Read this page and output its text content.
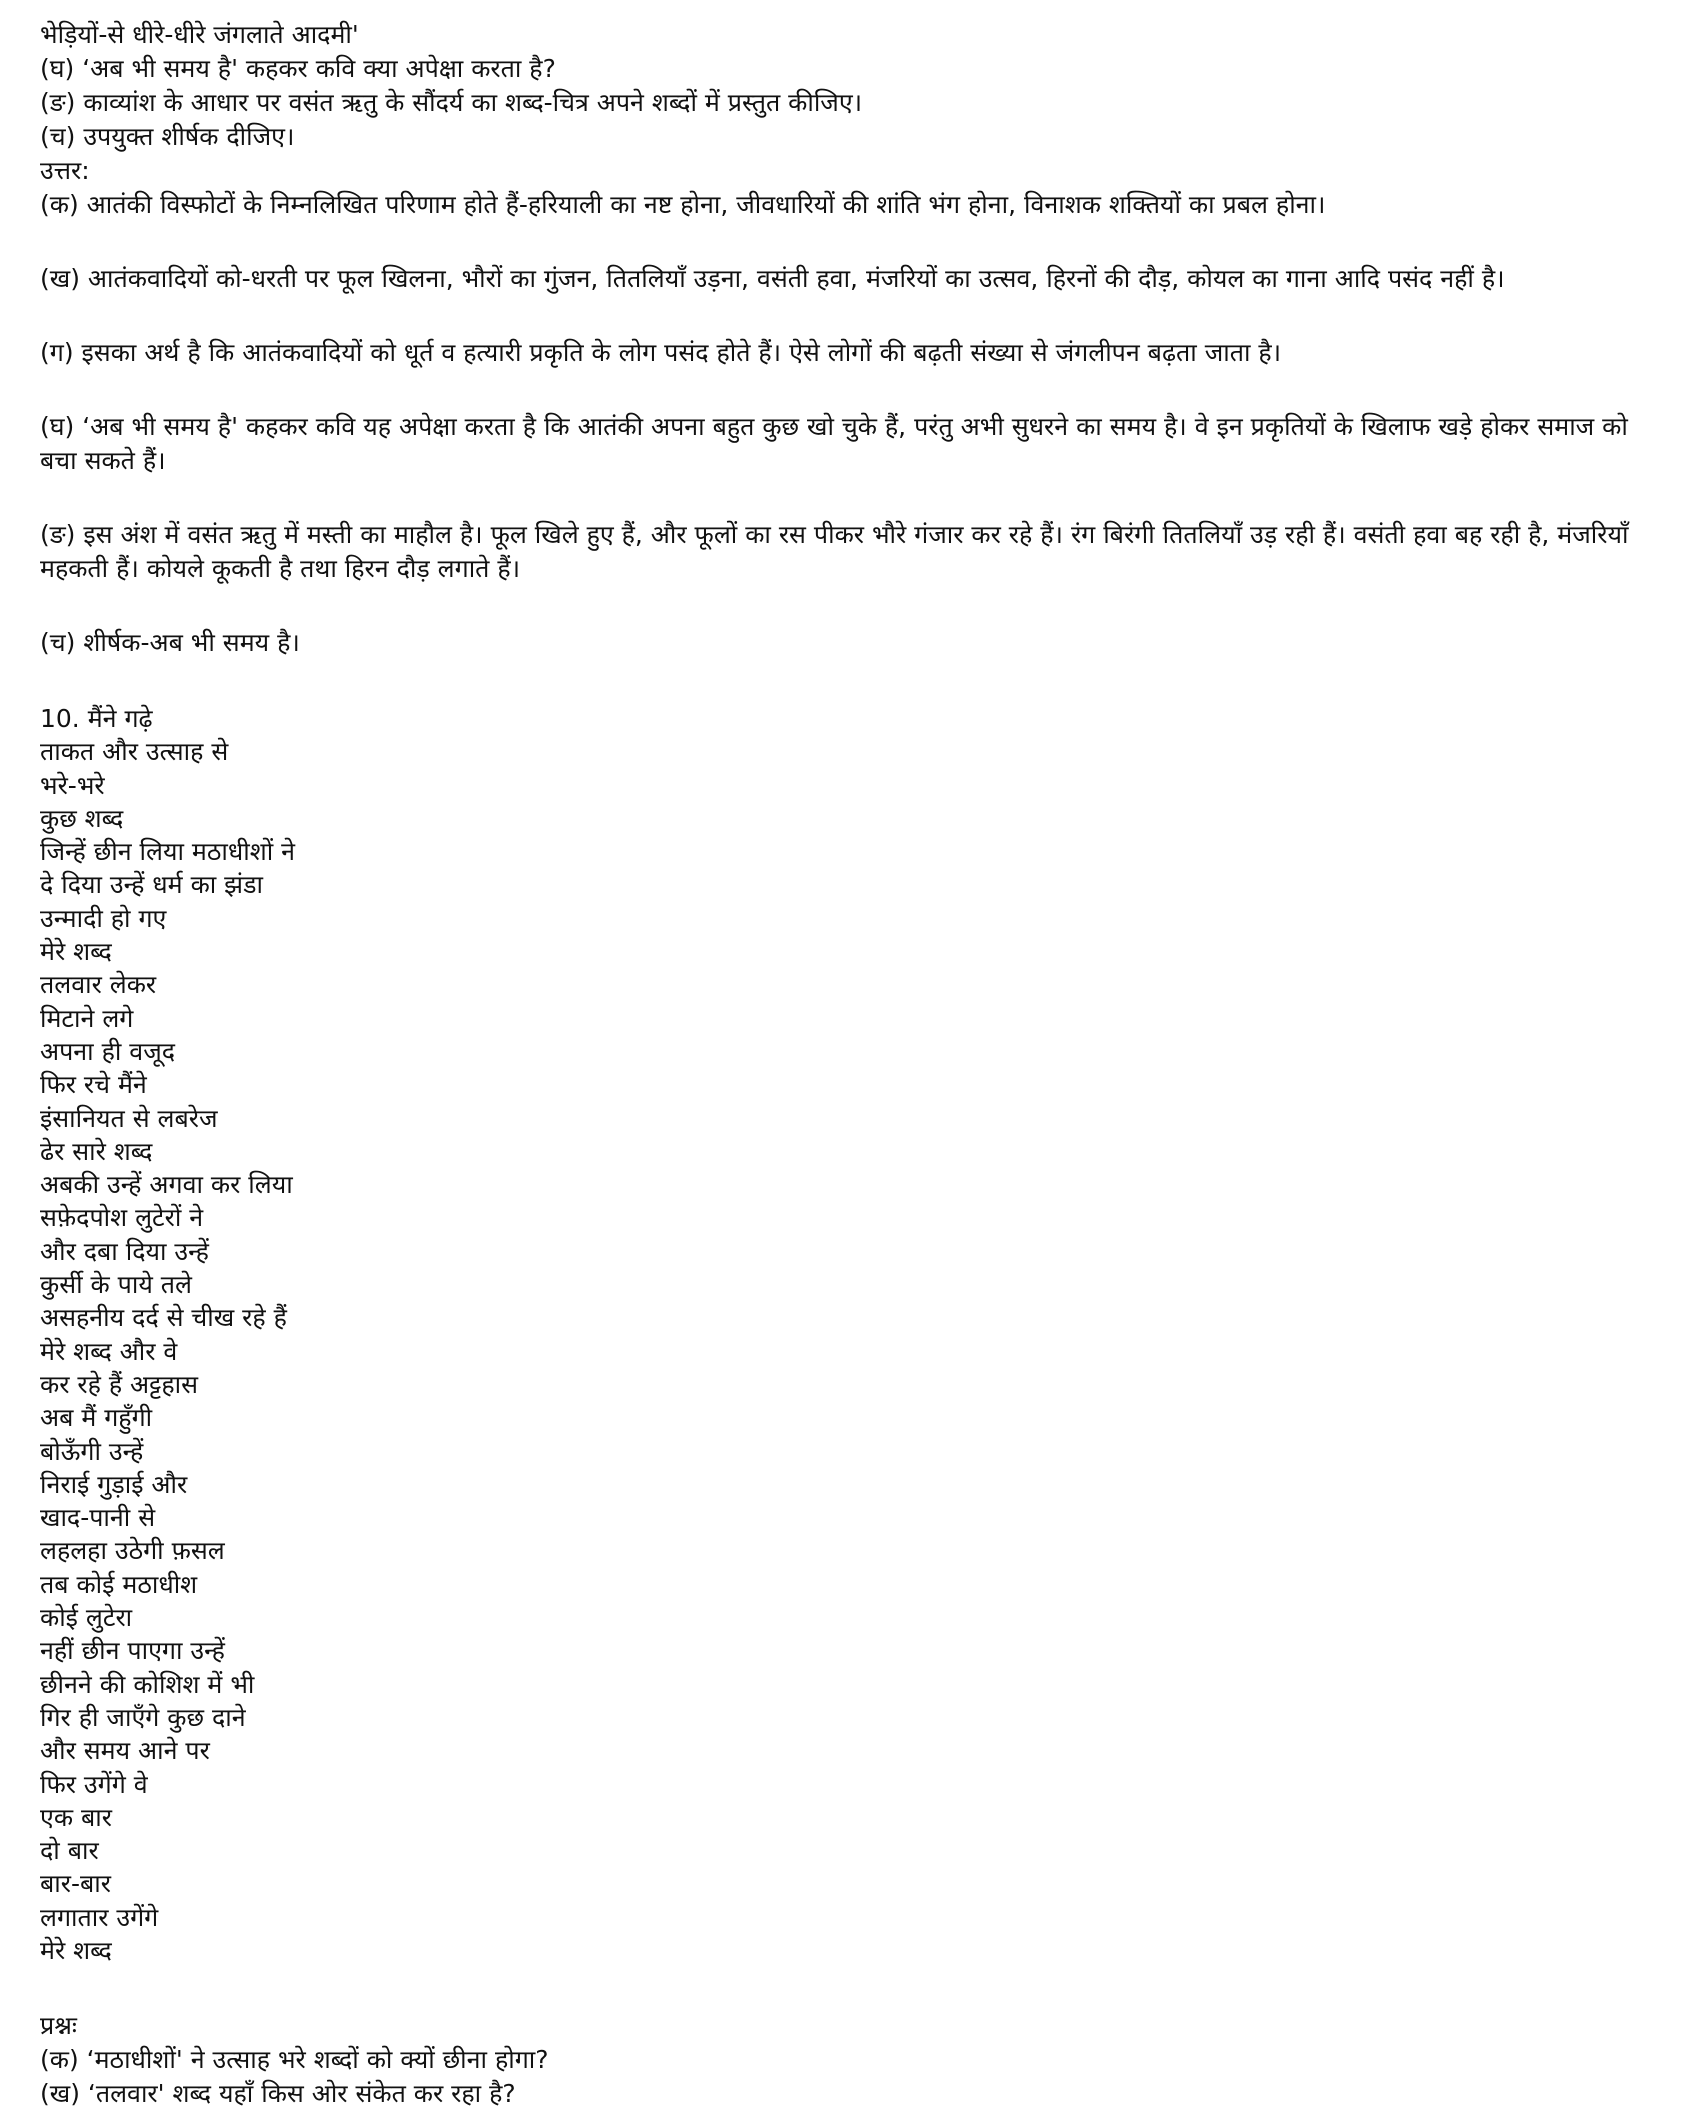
भेड़ियों-से धीरे-धीरे जंगलाते आदमी'
(घ) ‘अब भी समय है' कहकर कवि क्या अपेक्षा करता है?
(ङ) काव्यांश के आधार पर वसंत ऋतु के सौंदर्य का शब्द-चित्र अपने शब्दों में प्रस्तुत कीजिए।
(च) उपयुक्त शीर्षक दीजिए।
उत्तर:
(क) आतंकी विस्फोटों के निम्नलिखित परिणाम होते हैं-हरियाली का नष्ट होना, जीवधारियों की शांति भंग होना, विनाशक शक्तियों का प्रबल होना।
(ख) आतंकवादियों को-धरती पर फूल खिलना, भौरों का गुंजन, तितलियाँ उड़ना, वसंती हवा, मंजरियों का उत्सव, हिरनों की दौड़, कोयल का गाना आदि पसंद नहीं है।
(ग) इसका अर्थ है कि आतंकवादियों को धूर्त व हत्यारी प्रकृति के लोग पसंद होते हैं। ऐसे लोगों की बढ़ती संख्या से जंगलीपन बढ़ता जाता है।
(घ) ‘अब भी समय है' कहकर कवि यह अपेक्षा करता है कि आतंकी अपना बहुत कुछ खो चुके हैं, परंतु अभी सुधरने का समय है। वे इन प्रकृतियों के खिलाफ खड़े होकर समाज को बचा सकते हैं।
(ङ) इस अंश में वसंत ऋतु में मस्ती का माहौल है। फूल खिले हुए हैं, और फूलों का रस पीकर भौरे गंजार कर रहे हैं। रंग बिरंगी तितलियाँ उड़ रही हैं। वसंती हवा बह रही है, मंजरियाँ महकती हैं। कोयले कूकती है तथा हिरन दौड़ लगाते हैं।
(च) शीर्षक-अब भी समय है।
10. मैंने गढ़े
ताकत और उत्साह से
भरे-भरे
कुछ शब्द
जिन्हें छीन लिया मठाधीशों ने
दे दिया उन्हें धर्म का झंडा
उन्मादी हो गए
मेरे शब्द
तलवार लेकर
मिटाने लगे
अपना ही वजूद
फिर रचे मैंने
इंसानियत से लबरेज
ढेर सारे शब्द
अबकी उन्हें अगवा कर लिया
सफ़ेदपोश लुटेरों ने
और दबा दिया उन्हें
कुर्सी के पाये तले
असहनीय दर्द से चीख रहे हैं
मेरे शब्द और वे
कर रहे हैं अट्टहास
अब मैं गहुँगी
बोऊँगी उन्हें
निराई गुड़ाई और
खाद-पानी से
लहलहा उठेगी फ़सल
तब कोई मठाधीश
कोई लुटेरा
नहीं छीन पाएगा उन्हें
छीनने की कोशिश में भी
गिर ही जाएँगे कुछ दाने
और समय आने पर
फिर उगेंगे वे
एक बार
दो बार
बार-बार
लगातार उगेंगे
मेरे शब्द
प्रश्नः
(क) ‘मठाधीशों' ने उत्साह भरे शब्दों को क्यों छीना होगा?
(ख) ‘तलवार' शब्द यहाँ किस ओर संकेत कर रहा है?
